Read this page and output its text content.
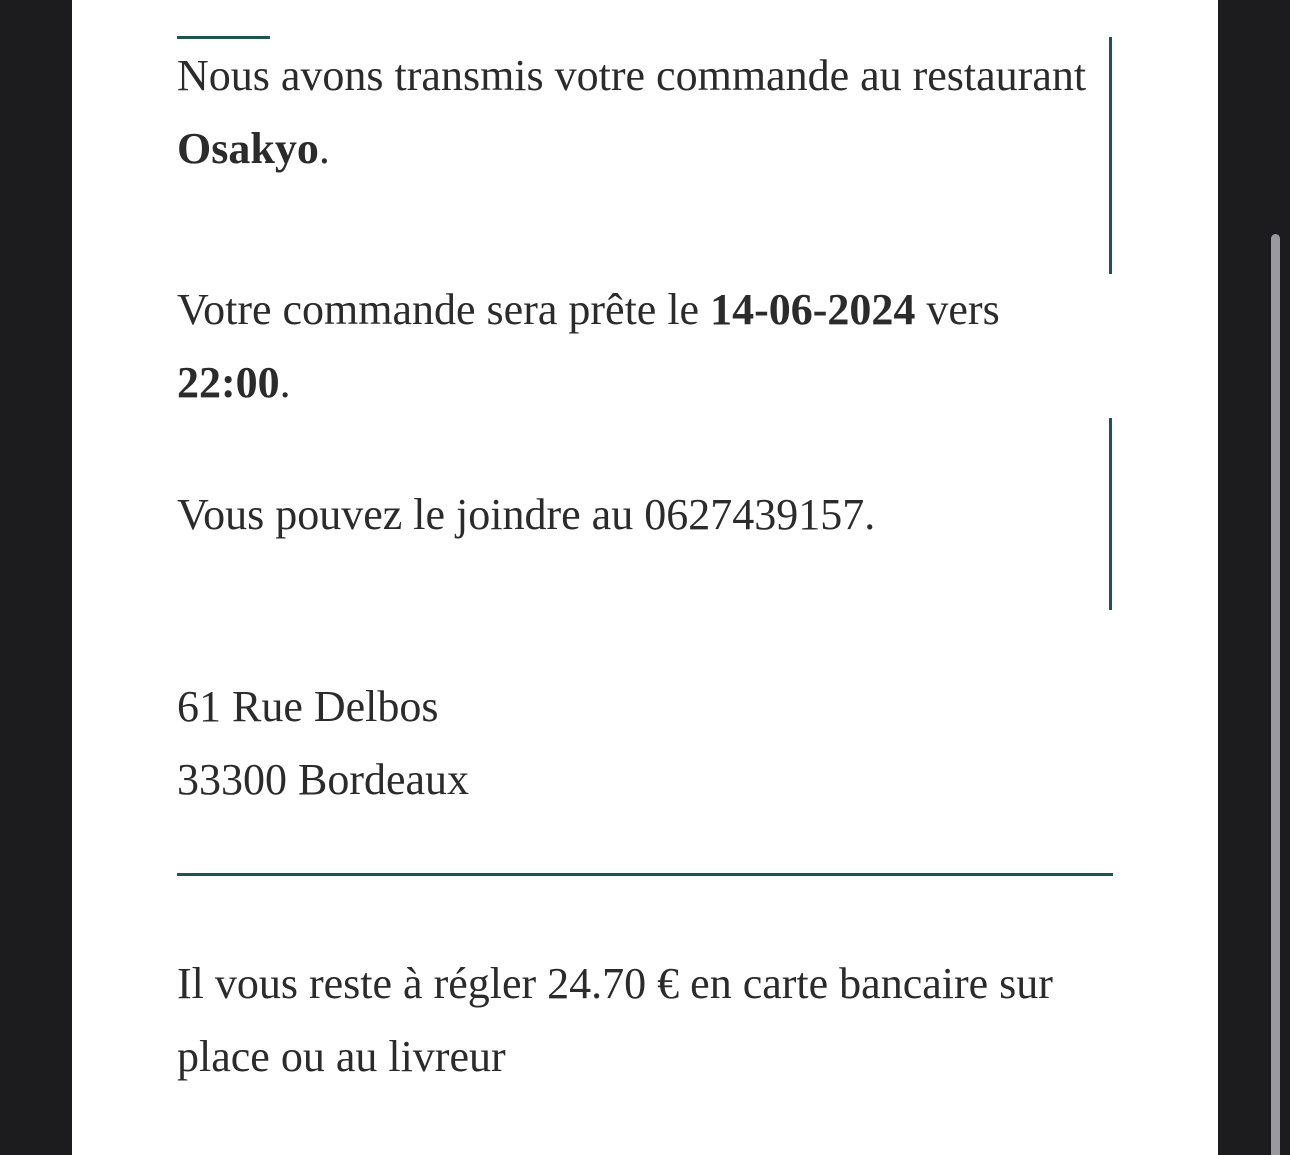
Nous avons transmis votre commande au restaurant Osakyo.

Votre commande sera prête le 14-06-2024 vers 22:00.

Vous pouvez le joindre au 0627439157.

61 Rue Delbos
33300 Bordeaux

Il vous reste à régler 24.70 € en carte bancaire sur place ou au livreur
